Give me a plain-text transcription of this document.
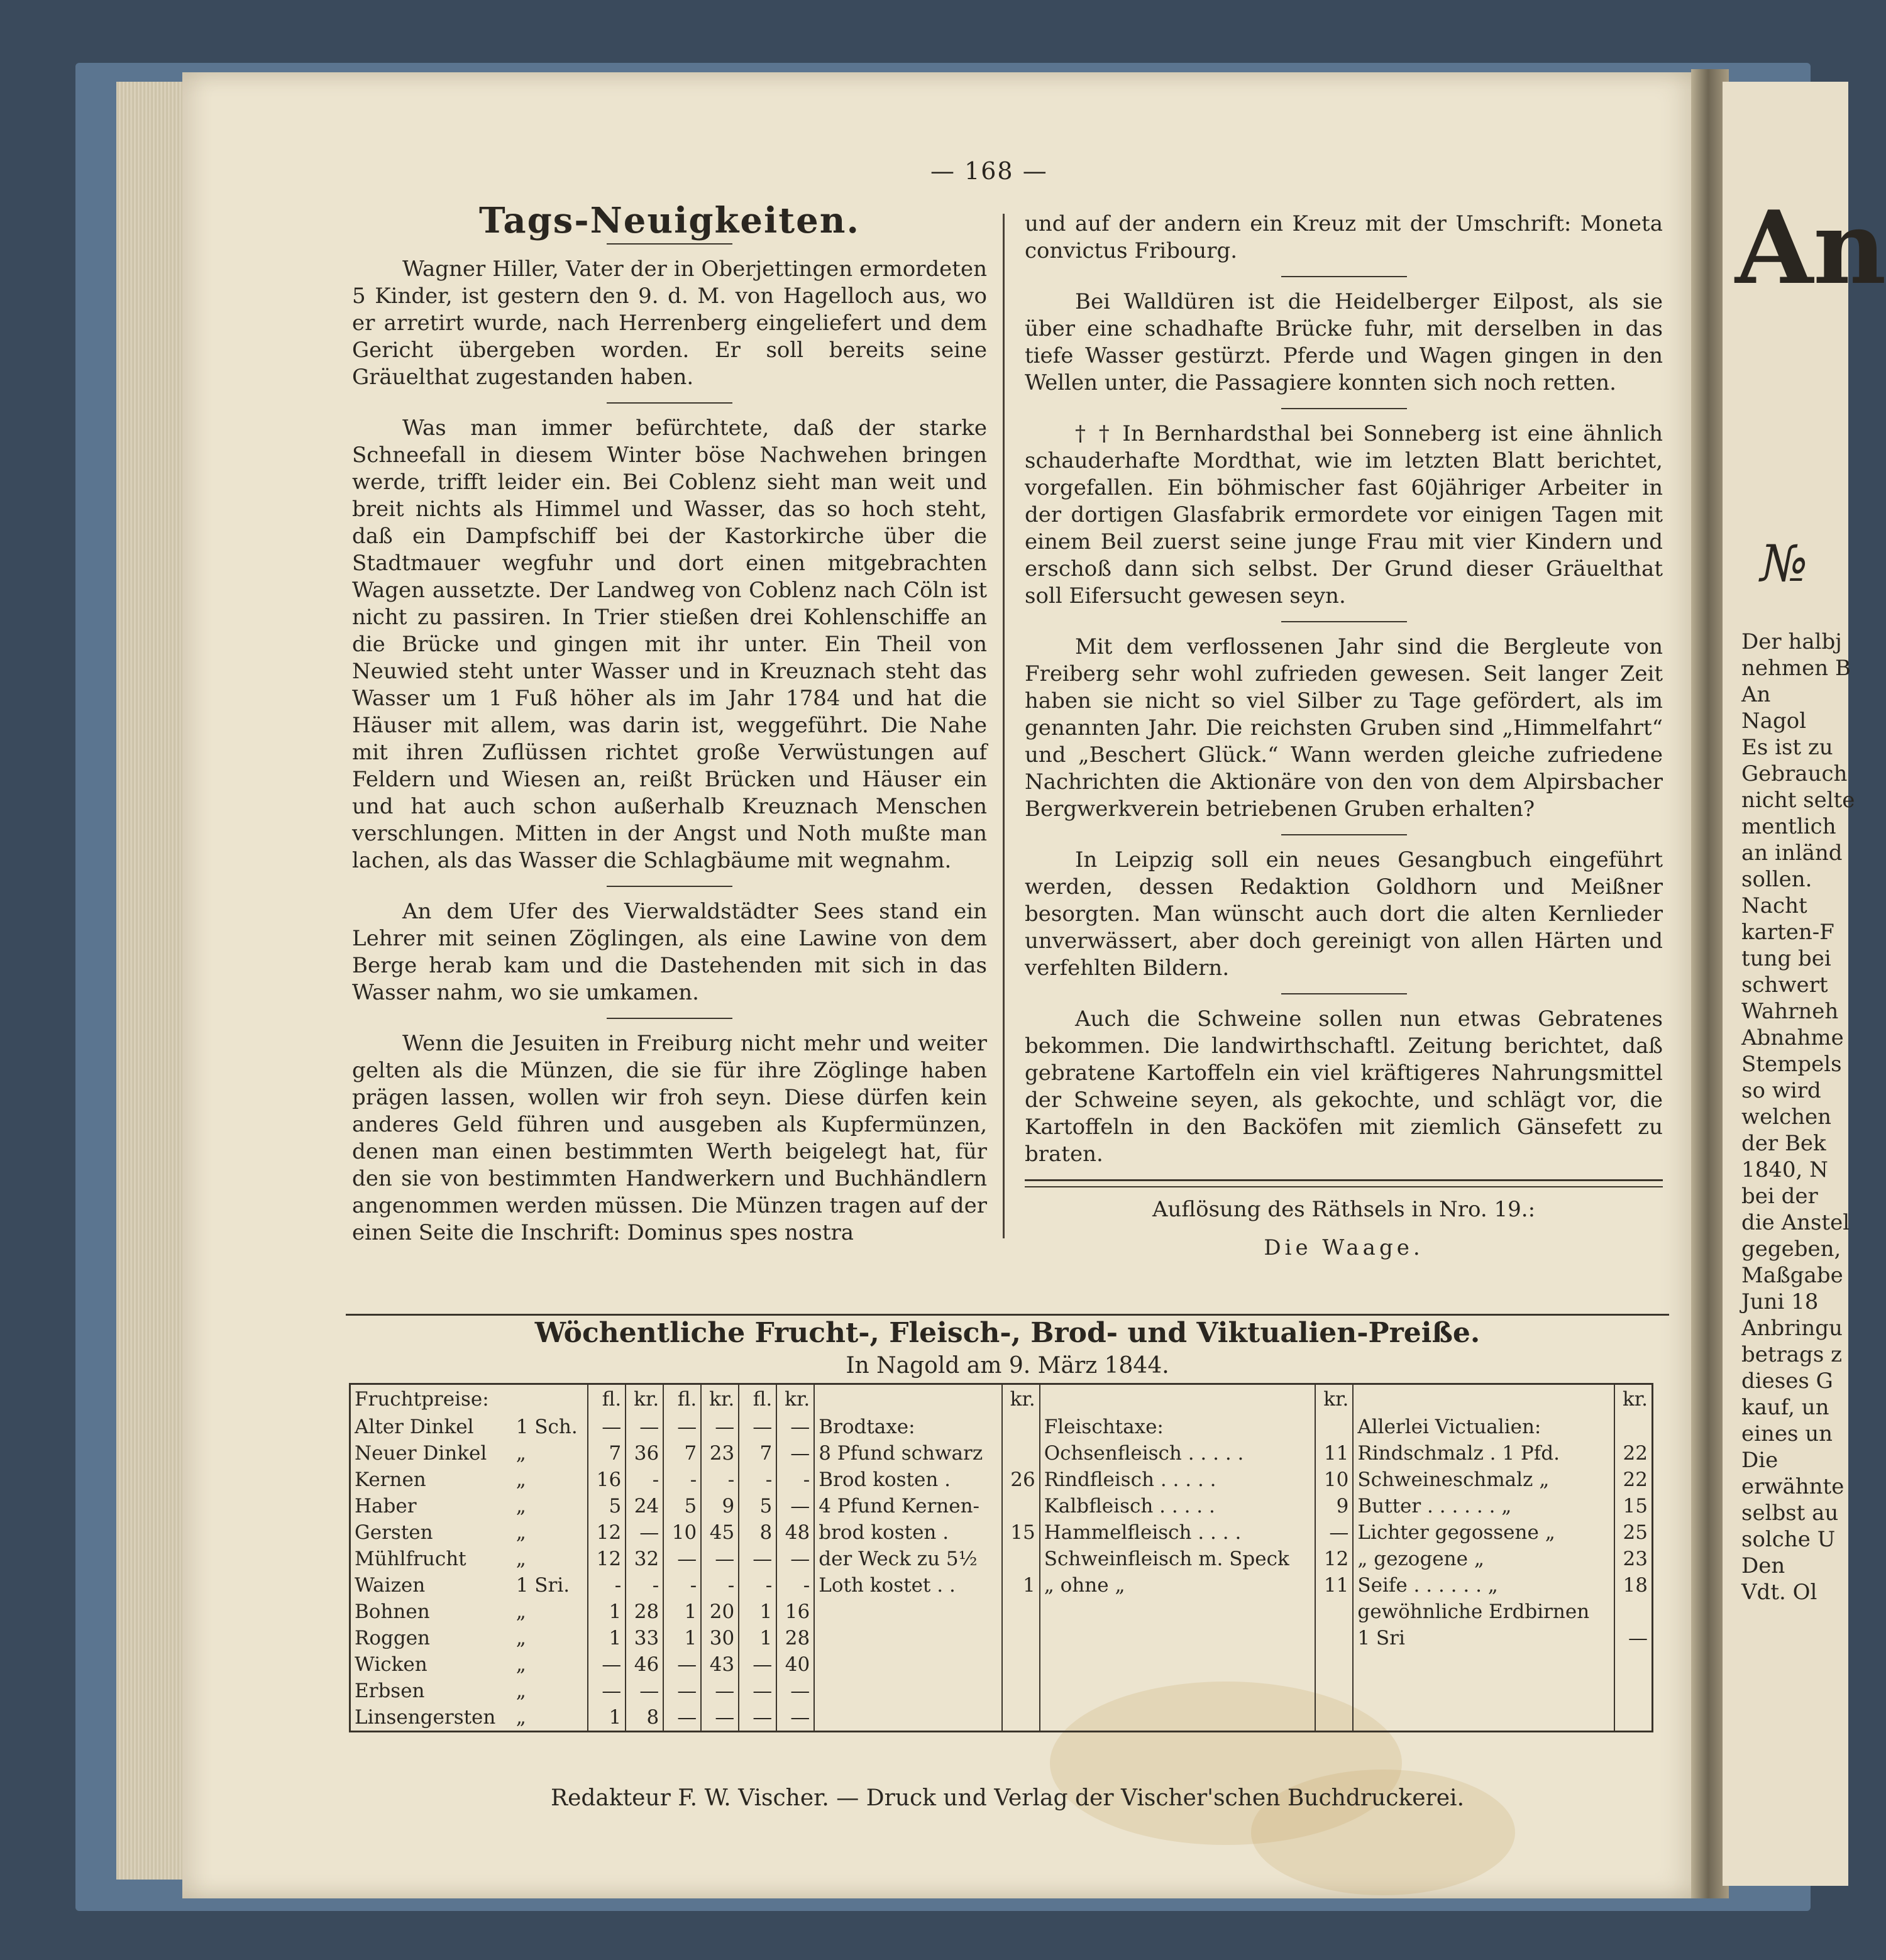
— 168 —
Tags-Neuigkeiten.

Wagner Hiller, Vater der in Oberjettingen ermordeten 5 Kinder, ist gestern den 9. d. M. von Hagelloch aus, wo er arretirt wurde, nach Herrenberg eingeliefert und dem Gericht übergeben worden. Er soll bereits seine Gräuelthat zugestanden haben.

Was man immer befürchtete, daß der starke Schneefall in diesem Winter böse Nachwehen bringen werde, trifft leider ein. Bei Coblenz sieht man weit und breit nichts als Himmel und Wasser, das so hoch steht, daß ein Dampfschiff bei der Kastorkirche über die Stadtmauer wegfuhr und dort einen mitgebrachten Wagen aussetzte. Der Landweg von Coblenz nach Cöln ist nicht zu passiren. In Trier stießen drei Kohlenschiffe an die Brücke und gingen mit ihr unter. Ein Theil von Neuwied steht unter Wasser und in Kreuznach steht das Wasser um 1 Fuß höher als im Jahr 1784 und hat die Häuser mit allem, was darin ist, weggeführt. Die Nahe mit ihren Zuflüssen richtet große Verwüstungen auf Feldern und Wiesen an, reißt Brücken und Häuser ein und hat auch schon außerhalb Kreuznach Menschen verschlungen. Mitten in der Angst und Noth mußte man lachen, als das Wasser die Schlagbäume mit wegnahm.

An dem Ufer des Vierwaldstädter Sees stand ein Lehrer mit seinen Zöglingen, als eine Lawine von dem Berge herab kam und die Dastehenden mit sich in das Wasser nahm, wo sie umkamen.

Wenn die Jesuiten in Freiburg nicht mehr und weiter gelten als die Münzen, die sie für ihre Zöglinge haben prägen lassen, wollen wir froh seyn. Diese dürfen kein anderes Geld führen und ausgeben als Kupfermünzen, denen man einen bestimmten Werth beigelegt hat, für den sie von bestimmten Handwerkern und Buchhändlern angenommen werden müssen. Die Münzen tragen auf der einen Seite die Inschrift: Dominus spes nostra

und auf der andern ein Kreuz mit der Umschrift: Moneta convictus Fribourg.

Bei Walldüren ist die Heidelberger Eilpost, als sie über eine schadhafte Brücke fuhr, mit derselben in das tiefe Wasser gestürzt. Pferde und Wagen gingen in den Wellen unter, die Passagiere konnten sich noch retten.

† † In Bernhardsthal bei Sonneberg ist eine ähnlich schauderhafte Mordthat, wie im letzten Blatt berichtet, vorgefallen. Ein böhmischer fast 60jähriger Arbeiter in der dortigen Glasfabrik ermordete vor einigen Tagen mit einem Beil zuerst seine junge Frau mit vier Kindern und erschoß dann sich selbst. Der Grund dieser Gräuelthat soll Eifersucht gewesen seyn.

Mit dem verflossenen Jahr sind die Bergleute von Freiberg sehr wohl zufrieden gewesen. Seit langer Zeit haben sie nicht so viel Silber zu Tage gefördert, als im genannten Jahr. Die reichsten Gruben sind „Himmelfahrt“ und „Beschert Glück.“ Wann werden gleiche zufriedene Nachrichten die Aktionäre von den von dem Alpirsbacher Bergwerkverein betriebenen Gruben erhalten?

In Leipzig soll ein neues Gesangbuch eingeführt werden, dessen Redaktion Goldhorn und Meißner besorgten. Man wünscht auch dort die alten Kernlieder unverwässert, aber doch gereinigt von allen Härten und verfehlten Bildern.

Auch die Schweine sollen nun etwas Gebratenes bekommen. Die landwirthschaftl. Zeitung berichtet, daß gebratene Kartoffeln ein viel kräftigeres Nahrungsmittel der Schweine seyen, als gekochte, und schlägt vor, die Kartoffeln in den Backöfen mit ziemlich Gänsefett zu braten.

Auflösung des Räthsels in Nro. 19.:

Die Waage.

Wöchentliche Frucht-, Fleisch-, Brod- und Viktualien-Preiße.
In Nagold am 9. März 1844.
Fruchtpreise:		fl.	kr.	fl.	kr.	fl.	kr.		kr.		kr.		kr.
Alter Dinkel	1 Sch.	—	—	—	—	—	—	Brodtaxe:		Fleischtaxe:		Allerlei Victualien:	
Neuer Dinkel	„	7	36	7	23	7	—	8 Pfund schwarz		Ochsenfleisch . . . . .	11	Rindschmalz . 1 Pfd.	22
Kernen	„	16	-	-	-	-	-	Brod kosten .	26	Rindfleisch . . . . .	10	Schweineschmalz „	22
Haber	„	5	24	5	9	5	—	4 Pfund Kernen-		Kalbfleisch . . . . .	9	Butter . . . . . . „	15
Gersten	„	12	—	10	45	8	48	brod kosten .	15	Hammelfleisch . . . .	—	Lichter gegossene „	25
Mühlfrucht	„	12	32	—	—	—	—	der Weck zu 5½		Schweinfleisch m. Speck	12	„ gezogene „	23
Waizen	1 Sri.	-	-	-	-	-	-	Loth kostet . .	1	„ ohne „	11	Seife . . . . . . „	18
Bohnen	„	1	28	1	20	1	16					gewöhnliche Erdbirnen	
Roggen	„	1	33	1	30	1	28					1 Sri	—
Wicken	„	—	46	—	43	—	40						
Erbsen	„	—	—	—	—	—	—						
Linsengersten	„	1	8	—	—	—	—						
Redakteur F. W. Vischer. — Druck und Verlag der Vischer'schen Buchdruckerei.
An
№
Der halbj
nehmen B
An
Nagol
Es ist zu
Gebrauch
nicht selte
mentlich
an inländ
sollen.
Nacht
karten-F
tung bei
schwert
Wahrneh
Abnahme
Stempels
so wird
welchen
der Bek
1840, N
bei der
die Anstel
gegeben,
Maßgabe
Juni 18
Anbringu
betrags z
dieses G
kauf, un
eines un
Die
erwähnte
selbst au
solche U
Den
Vdt. Ol
